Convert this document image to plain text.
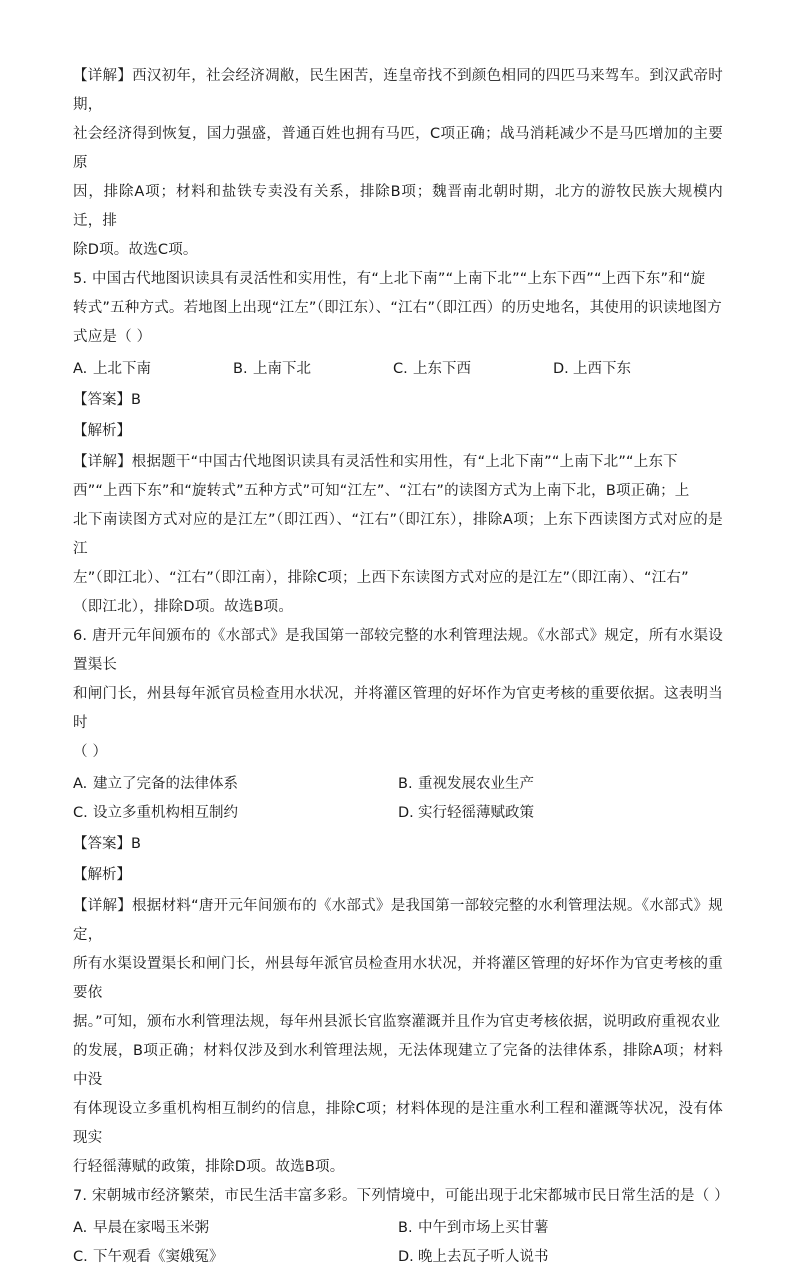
【详解】西汉初年，社会经济凋敝，民生困苦，连皇帝找不到颜色相同的四匹马来驾车。到汉武帝时期，

社会经济得到恢复，国力强盛，普通百姓也拥有马匹，C项正确；战马消耗减少不是马匹增加的主要原

因，排除A项；材料和盐铁专卖没有关系，排除B项；魏晋南北朝时期，北方的游牧民族大规模内迁，排

除D项。故选C项。

5. 中国古代地图识读具有灵活性和实用性，有“上北下南”“上南下北”“上东下西”“上西下东”和“旋

转式”五种方式。若地图上出现“江左”（即江东）、“江右”（即江西）的历史地名，其使用的识读地图方

式应是（ ）

A. 上北下南	B. 上南下北	C. 上东下西	D. 上西下东

【答案】B

【解析】

【详解】根据题干“中国古代地图识读具有灵活性和实用性，有“上北下南”“上南下北”“上东下

西”“上西下东”和“旋转式”五种方式”可知“江左”、“江右”的读图方式为上南下北，B项正确；上

北下南读图方式对应的是江左”（即江西）、“江右”（即江东），排除A项；上东下西读图方式对应的是江

左”（即江北）、“江右”（即江南），排除C项；上西下东读图方式对应的是江左”（即江南）、“江右”

（即江北），排除D项。故选B项。

6. 唐开元年间颁布的《水部式》是我国第一部较完整的水利管理法规。《水部式》规定，所有水渠设置渠长

和闸门长，州县每年派官员检查用水状况，并将灌区管理的好坏作为官吏考核的重要依据。这表明当时

（ ）

A. 建立了完备的法律体系	B. 重视发展农业生产
C. 设立多重机构相互制约	D. 实行轻徭薄赋政策

【答案】B

【解析】

【详解】根据材料“唐开元年间颁布的《水部式》是我国第一部较完整的水利管理法规。《水部式》规定，

所有水渠设置渠长和闸门长，州县每年派官员检查用水状况，并将灌区管理的好坏作为官吏考核的重要依

据。”可知，颁布水利管理法规，每年州县派长官监察灌溉并且作为官吏考核依据，说明政府重视农业

的发展，B项正确；材料仅涉及到水利管理法规，无法体现建立了完备的法律体系，排除A项；材料中没

有体现设立多重机构相互制约的信息，排除C项；材料体现的是注重水利工程和灌溉等状况，没有体现实

行轻徭薄赋的政策，排除D项。故选B项。

7. 宋朝城市经济繁荣，市民生活丰富多彩。下列情境中，可能出现于北宋都城市民日常生活的是（ ）

A. 早晨在家喝玉米粥	B. 中午到市场上买甘薯
C. 下午观看《窦娥冤》	D. 晚上去瓦子听人说书
